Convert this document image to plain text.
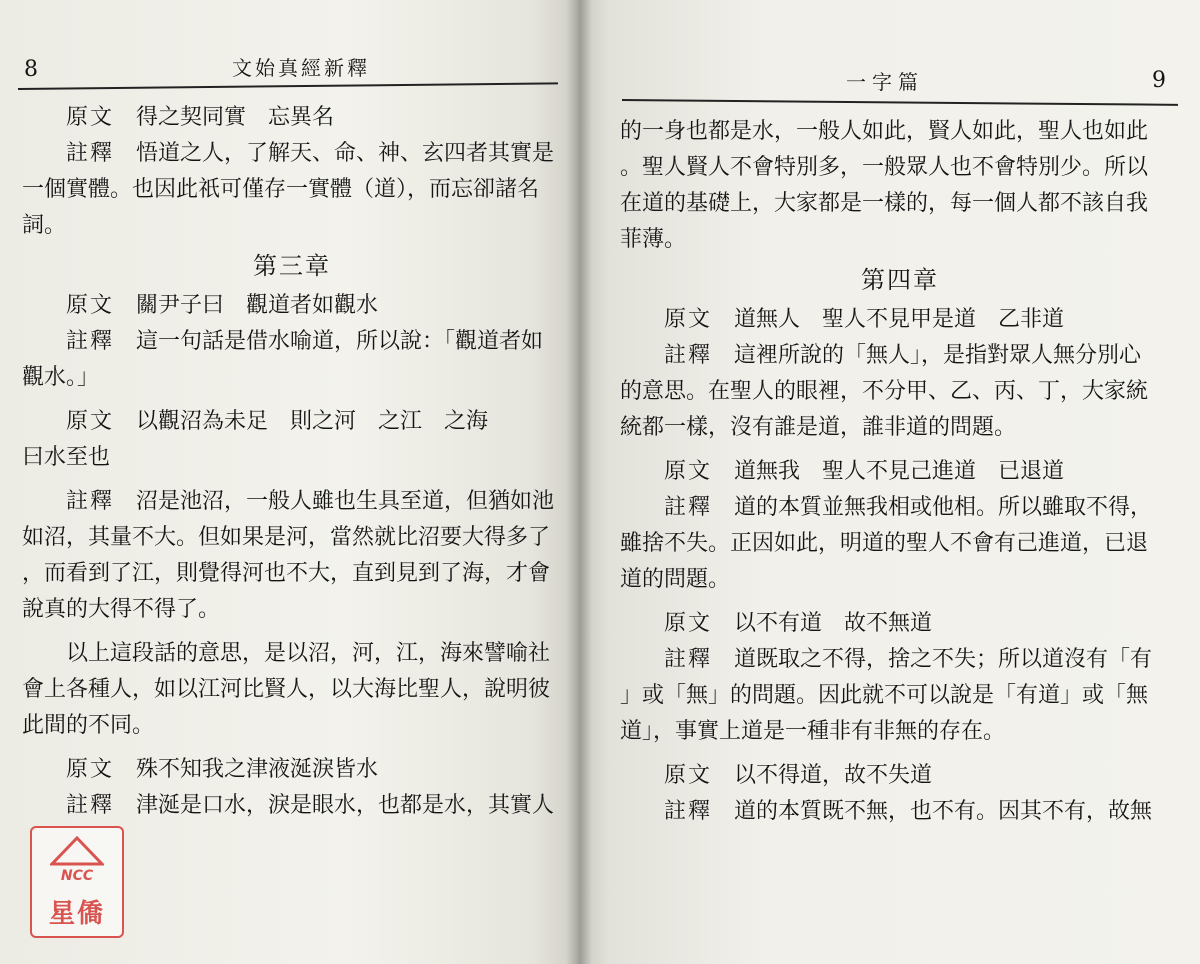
8	文始真經新釋
原文 得之契同實　忘異名
註釋 悟道之人，了解天、命、神、玄四者其實是
一個實體。也因此祇可僅存一實體（道），而忘卻諸名
詞。
第三章
原文 關尹子曰　觀道者如觀水
註釋 這一句話是借水喻道，所以說：「觀道者如
觀水。」
原文 以觀沼為未足　則之河　之江　之海
曰水至也
註釋 沼是池沼，一般人雖也生具至道，但猶如池
如沼，其量不大。但如果是河，當然就比沼要大得多了
，而看到了江，則覺得河也不大，直到見到了海，才會
說真的大得不得了。
以上這段話的意思，是以沼，河，江，海來譬喻社
會上各種人，如以江河比賢人，以大海比聖人，說明彼
此間的不同。
原文 殊不知我之津液涎淚皆水
註釋 津涎是口水，淚是眼水，也都是水，其實人
一字篇	9
的一身也都是水，一般人如此，賢人如此，聖人也如此
。聖人賢人不會特別多，一般眾人也不會特別少。所以
在道的基礎上，大家都是一樣的，每一個人都不該自我
菲薄。
第四章
原文 道無人　聖人不見甲是道　乙非道
註釋 這裡所說的「無人」，是指對眾人無分別心
的意思。在聖人的眼裡，不分甲、乙、丙、丁，大家統
統都一樣，沒有誰是道，誰非道的問題。
原文 道無我　聖人不見己進道　已退道
註釋 道的本質並無我相或他相。所以雖取不得，
雖捨不失。正因如此，明道的聖人不會有己進道，已退
道的問題。
原文 以不有道　故不無道
註釋 道既取之不得，捨之不失；所以道沒有「有
」或「無」的問題。因此就不可以說是「有道」或「無
道」，事實上道是一種非有非無的存在。
原文 以不得道，故不失道
註釋 道的本質既不無，也不有。因其不有，故無
NCC
星僑
